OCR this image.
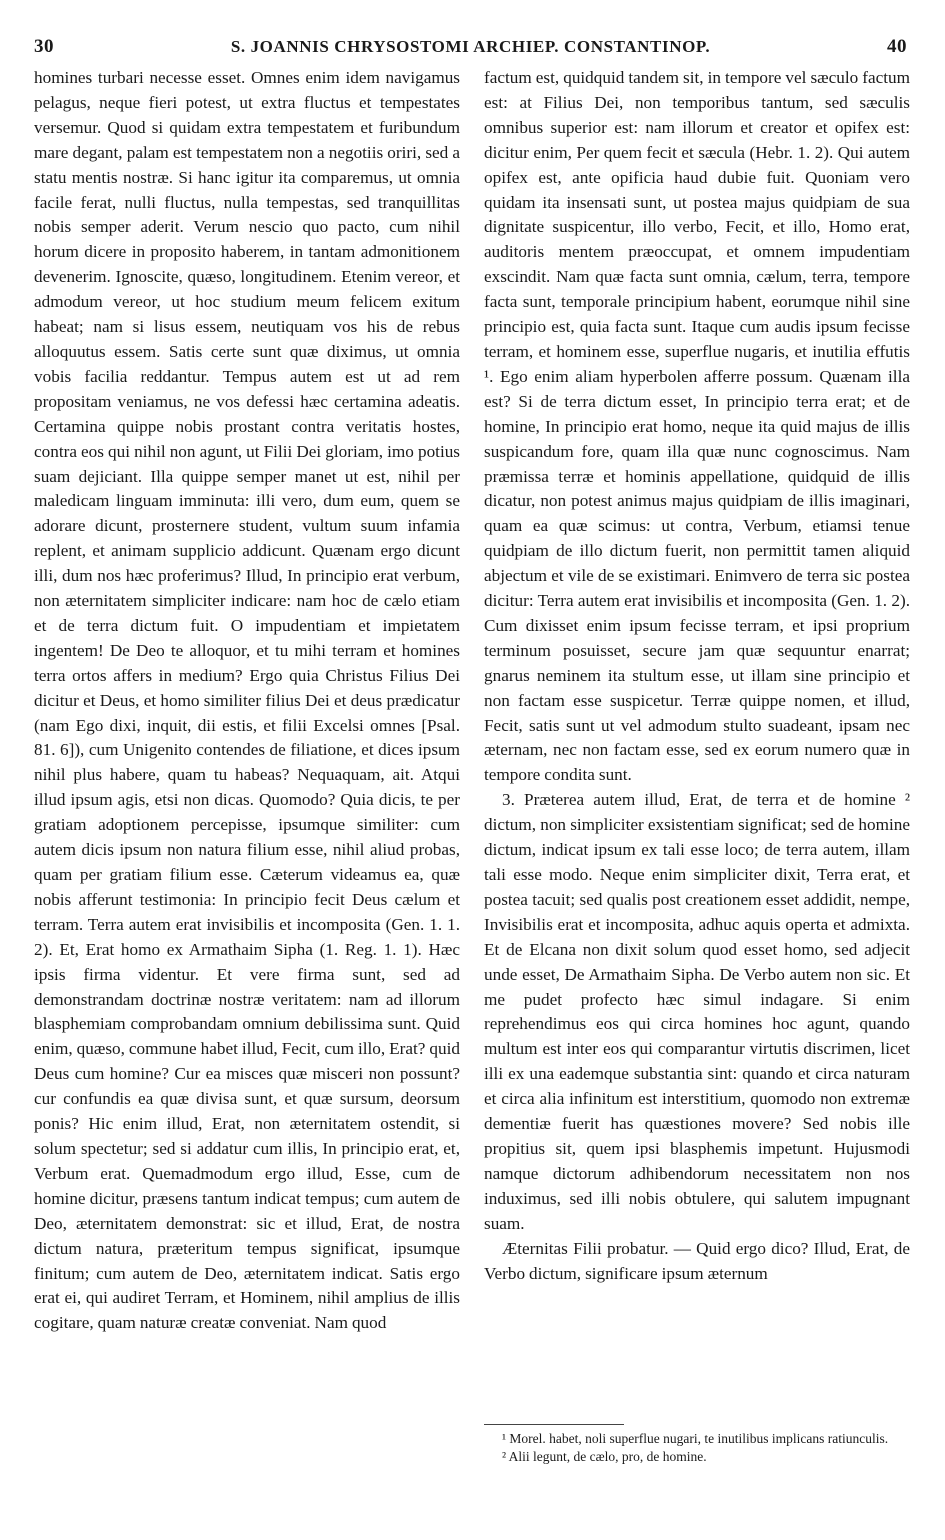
30	S. JOANNIS CHRYSOSTOMI ARCHIEP. CONSTANTINOP.	40

homines turbari necesse esset. Omnes enim idem navigamus pelagus, neque fieri potest, ut extra fluctus et tempestates versemur. Quod si quidam extra tempestatem et furibundum mare degant, palam est tempestatem non a negotiis oriri, sed a statu mentis nostræ. Si hanc igitur ita comparemus, ut omnia facile ferat, nulli fluctus, nulla tempestas, sed tranquillitas nobis semper aderit. Verum nescio quo pacto, cum nihil horum dicere in proposito haberem, in tantam admonitionem devenerim. Ignoscite, quæso, longitudinem. Etenim vereor, et admodum vereor, ut hoc studium meum felicem exitum habeat; nam si lisus essem, neutiquam vos his de rebus alloquutus essem. Satis certe sunt quæ diximus, ut omnia vobis facilia reddantur. Tempus autem est ut ad rem propositam veniamus, ne vos defessi hæc certamina adeatis. Certamina quippe nobis prostant contra veritatis hostes, contra eos qui nihil non agunt, ut Filii Dei gloriam, imo potius suam dejiciant. Illa quippe semper manet ut est, nihil per maledicam linguam imminuta: illi vero, dum eum, quem se adorare dicunt, prosternere student, vultum suum infamia replent, et animam supplicio addicunt. Quænam ergo dicunt illi, dum nos hæc proferimus? Illud, In principio erat verbum, non æternitatem simpliciter indicare: nam hoc de cælo etiam et de terra dictum fuit. O impudentiam et impietatem ingentem! De Deo te alloquor, et tu mihi terram et homines terra ortos affers in medium? Ergo quia Christus Filius Dei dicitur et Deus, et homo similiter filius Dei et deus prædicatur (nam Ego dixi, inquit, dii estis, et filii Excelsi omnes [Psal. 81. 6]), cum Unigenito contendes de filiatione, et dices ipsum nihil plus habere, quam tu habeas? Nequaquam, ait. Atqui illud ipsum agis, etsi non dicas. Quomodo? Quia dicis, te per gratiam adoptionem percepisse, ipsumque similiter: cum autem dicis ipsum non natura filium esse, nihil aliud probas, quam per gratiam filium esse. Cæterum videamus ea, quæ nobis afferunt testimonia: In principio fecit Deus cælum et terram. Terra autem erat invisibilis et incomposita (Gen. 1. 1. 2). Et, Erat homo ex Armathaim Sipha (1. Reg. 1. 1). Hæc ipsis firma videntur. Et vere firma sunt, sed ad demonstrandam doctrinæ nostræ veritatem: nam ad illorum blasphemiam comprobandam omnium debilissima sunt. Quid enim, quæso, commune habet illud, Fecit, cum illo, Erat? quid Deus cum homine? Cur ea misces quæ misceri non possunt? cur confundis ea quæ divisa sunt, et quæ sursum, deorsum ponis? Hic enim illud, Erat, non æternitatem ostendit, si solum spectetur; sed si addatur cum illis, In principio erat, et, Verbum erat. Quemadmodum ergo illud, Esse, cum de homine dicitur, præsens tantum indicat tempus; cum autem de Deo, æternitatem demonstrat: sic et illud, Erat, de nostra dictum natura, præteritum tempus significat, ipsumque finitum; cum autem de Deo, æternitatem indicat. Satis ergo erat ei, qui audiret Terram, et Hominem, nihil amplius de illis cogitare, quam naturæ creatæ conveniat. Nam quod

factum est, quidquid tandem sit, in tempore vel sæculo factum est: at Filius Dei, non temporibus tantum, sed sæculis omnibus superior est: nam illorum et creator et opifex est: dicitur enim, Per quem fecit et sæcula (Hebr. 1. 2). Qui autem opifex est, ante opificia haud dubie fuit. Quoniam vero quidam ita insensati sunt, ut postea majus quidpiam de sua dignitate suspicentur, illo verbo, Fecit, et illo, Homo erat, auditoris mentem præoccupat, et omnem impudentiam exscindit. Nam quæ facta sunt omnia, cælum, terra, tempore facta sunt, temporale principium habent, eorumque nihil sine principio est, quia facta sunt. Itaque cum audis ipsum fecisse terram, et hominem esse, superflue nugaris, et inutilia effutis ¹. Ego enim aliam hyperbolen afferre possum. Quænam illa est? Si de terra dictum esset, In principio terra erat; et de homine, In principio erat homo, neque ita quid majus de illis suspicandum fore, quam illa quæ nunc cognoscimus. Nam præmissa terræ et hominis appellatione, quidquid de illis dicatur, non potest animus majus quidpiam de illis imaginari, quam ea quæ scimus: ut contra, Verbum, etiamsi tenue quidpiam de illo dictum fuerit, non permittit tamen aliquid abjectum et vile de se existimari. Enimvero de terra sic postea dicitur: Terra autem erat invisibilis et incomposita (Gen. 1. 2). Cum dixisset enim ipsum fecisse terram, et ipsi proprium terminum posuisset, secure jam quæ sequuntur enarrat; gnarus neminem ita stultum esse, ut illam sine principio et non factam esse suspicetur. Terræ quippe nomen, et illud, Fecit, satis sunt ut vel admodum stulto suadeant, ipsam nec æternam, nec non factam esse, sed ex eorum numero quæ in tempore condita sunt.

3. Præterea autem illud, Erat, de terra et de homine ² dictum, non simpliciter exsistentiam significat; sed de homine dictum, indicat ipsum ex tali esse loco; de terra autem, illam tali esse modo. Neque enim simpliciter dixit, Terra erat, et postea tacuit; sed qualis post creationem esset addidit, nempe, Invisibilis erat et incomposita, adhuc aquis operta et admixta. Et de Elcana non dixit solum quod esset homo, sed adjecit unde esset, De Armathaim Sipha. De Verbo autem non sic. Et me pudet profecto hæc simul indagare. Si enim reprehendimus eos qui circa homines hoc agunt, quando multum est inter eos qui comparantur virtutis discrimen, licet illi ex una eademque substantia sint: quando et circa naturam et circa alia infinitum est interstitium, quomodo non extremæ dementiæ fuerit has quæstiones movere? Sed nobis ille propitius sit, quem ipsi blasphemis impetunt. Hujusmodi namque dictorum adhibendorum necessitatem non nos induximus, sed illi nobis obtulere, qui salutem impugnant suam.

Æternitas Filii probatur. — Quid ergo dico? Illud, Erat, de Verbo dictum, significare ipsum æternum

¹ Morel. habet, noli superflue nugari, te inutilibus implicans ratiunculis.

² Alii legunt, de cælo, pro, de homine.
